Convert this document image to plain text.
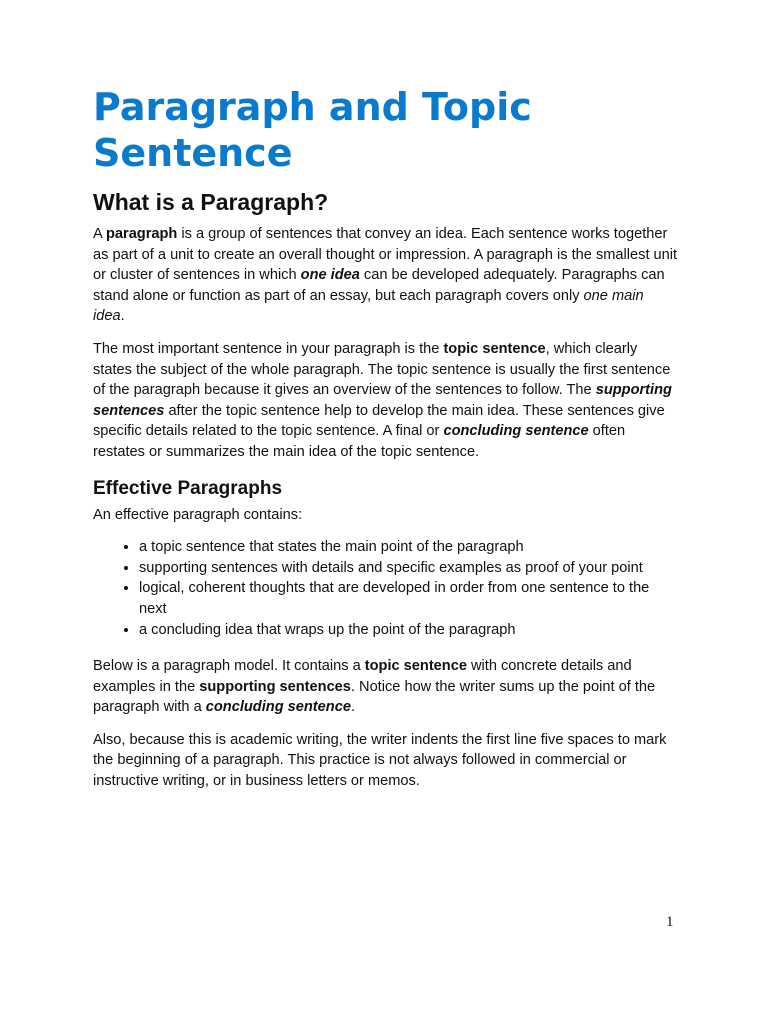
Paragraph and Topic Sentence
What is a Paragraph?

A paragraph is a group of sentences that convey an idea. Each sentence works together as part of a unit to create an overall thought or impression. A paragraph is the smallest unit or cluster of sentences in which one idea can be developed adequately. Paragraphs can stand alone or function as part of an essay, but each paragraph covers only one main idea.

The most important sentence in your paragraph is the topic sentence, which clearly states the subject of the whole paragraph. The topic sentence is usually the first sentence of the paragraph because it gives an overview of the sentences to follow. The supporting sentences after the topic sentence help to develop the main idea. These sentences give specific details related to the topic sentence. A final or concluding sentence often restates or summarizes the main idea of the topic sentence.

Effective Paragraphs

An effective paragraph contains:

• a topic sentence that states the main point of the paragraph
• supporting sentences with details and specific examples as proof of your point
• logical, coherent thoughts that are developed in order from one sentence to the next
• a concluding idea that wraps up the point of the paragraph

Below is a paragraph model. It contains a topic sentence with concrete details and examples in the supporting sentences. Notice how the writer sums up the point of the paragraph with a concluding sentence.

Also, because this is academic writing, the writer indents the first line five spaces to mark the beginning of a paragraph. This practice is not always followed in commercial or instructive writing, or in business letters or memos.

1
